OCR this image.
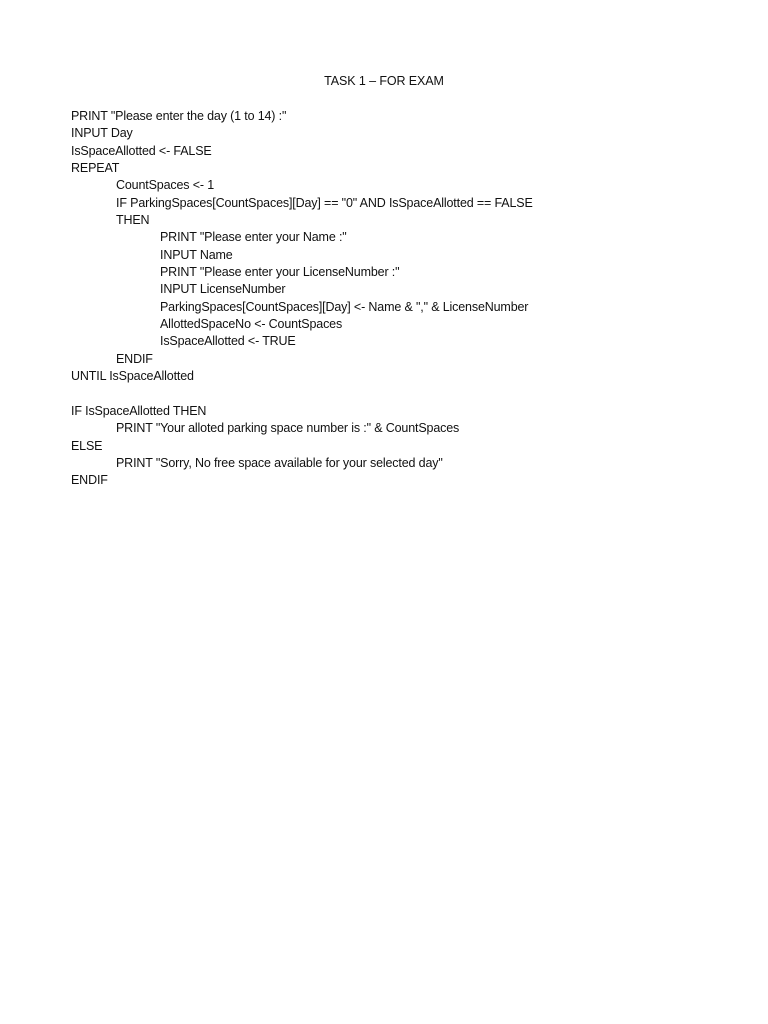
TASK 1 – FOR EXAM
PRINT "Please enter the day (1 to 14) :"
INPUT Day
IsSpaceAllotted <- FALSE
REPEAT
CountSpaces <- 1
IF ParkingSpaces[CountSpaces][Day] == "0" AND IsSpaceAllotted == FALSE
THEN
PRINT "Please enter your Name :"
INPUT Name
PRINT "Please enter your LicenseNumber :"
INPUT LicenseNumber
ParkingSpaces[CountSpaces][Day] <- Name & "," & LicenseNumber
AllottedSpaceNo <- CountSpaces
IsSpaceAllotted <- TRUE
ENDIF
UNTIL IsSpaceAllotted
IF IsSpaceAllotted THEN
PRINT "Your alloted parking space number is :" & CountSpaces
ELSE
PRINT "Sorry, No free space available for your selected day"
ENDIF
